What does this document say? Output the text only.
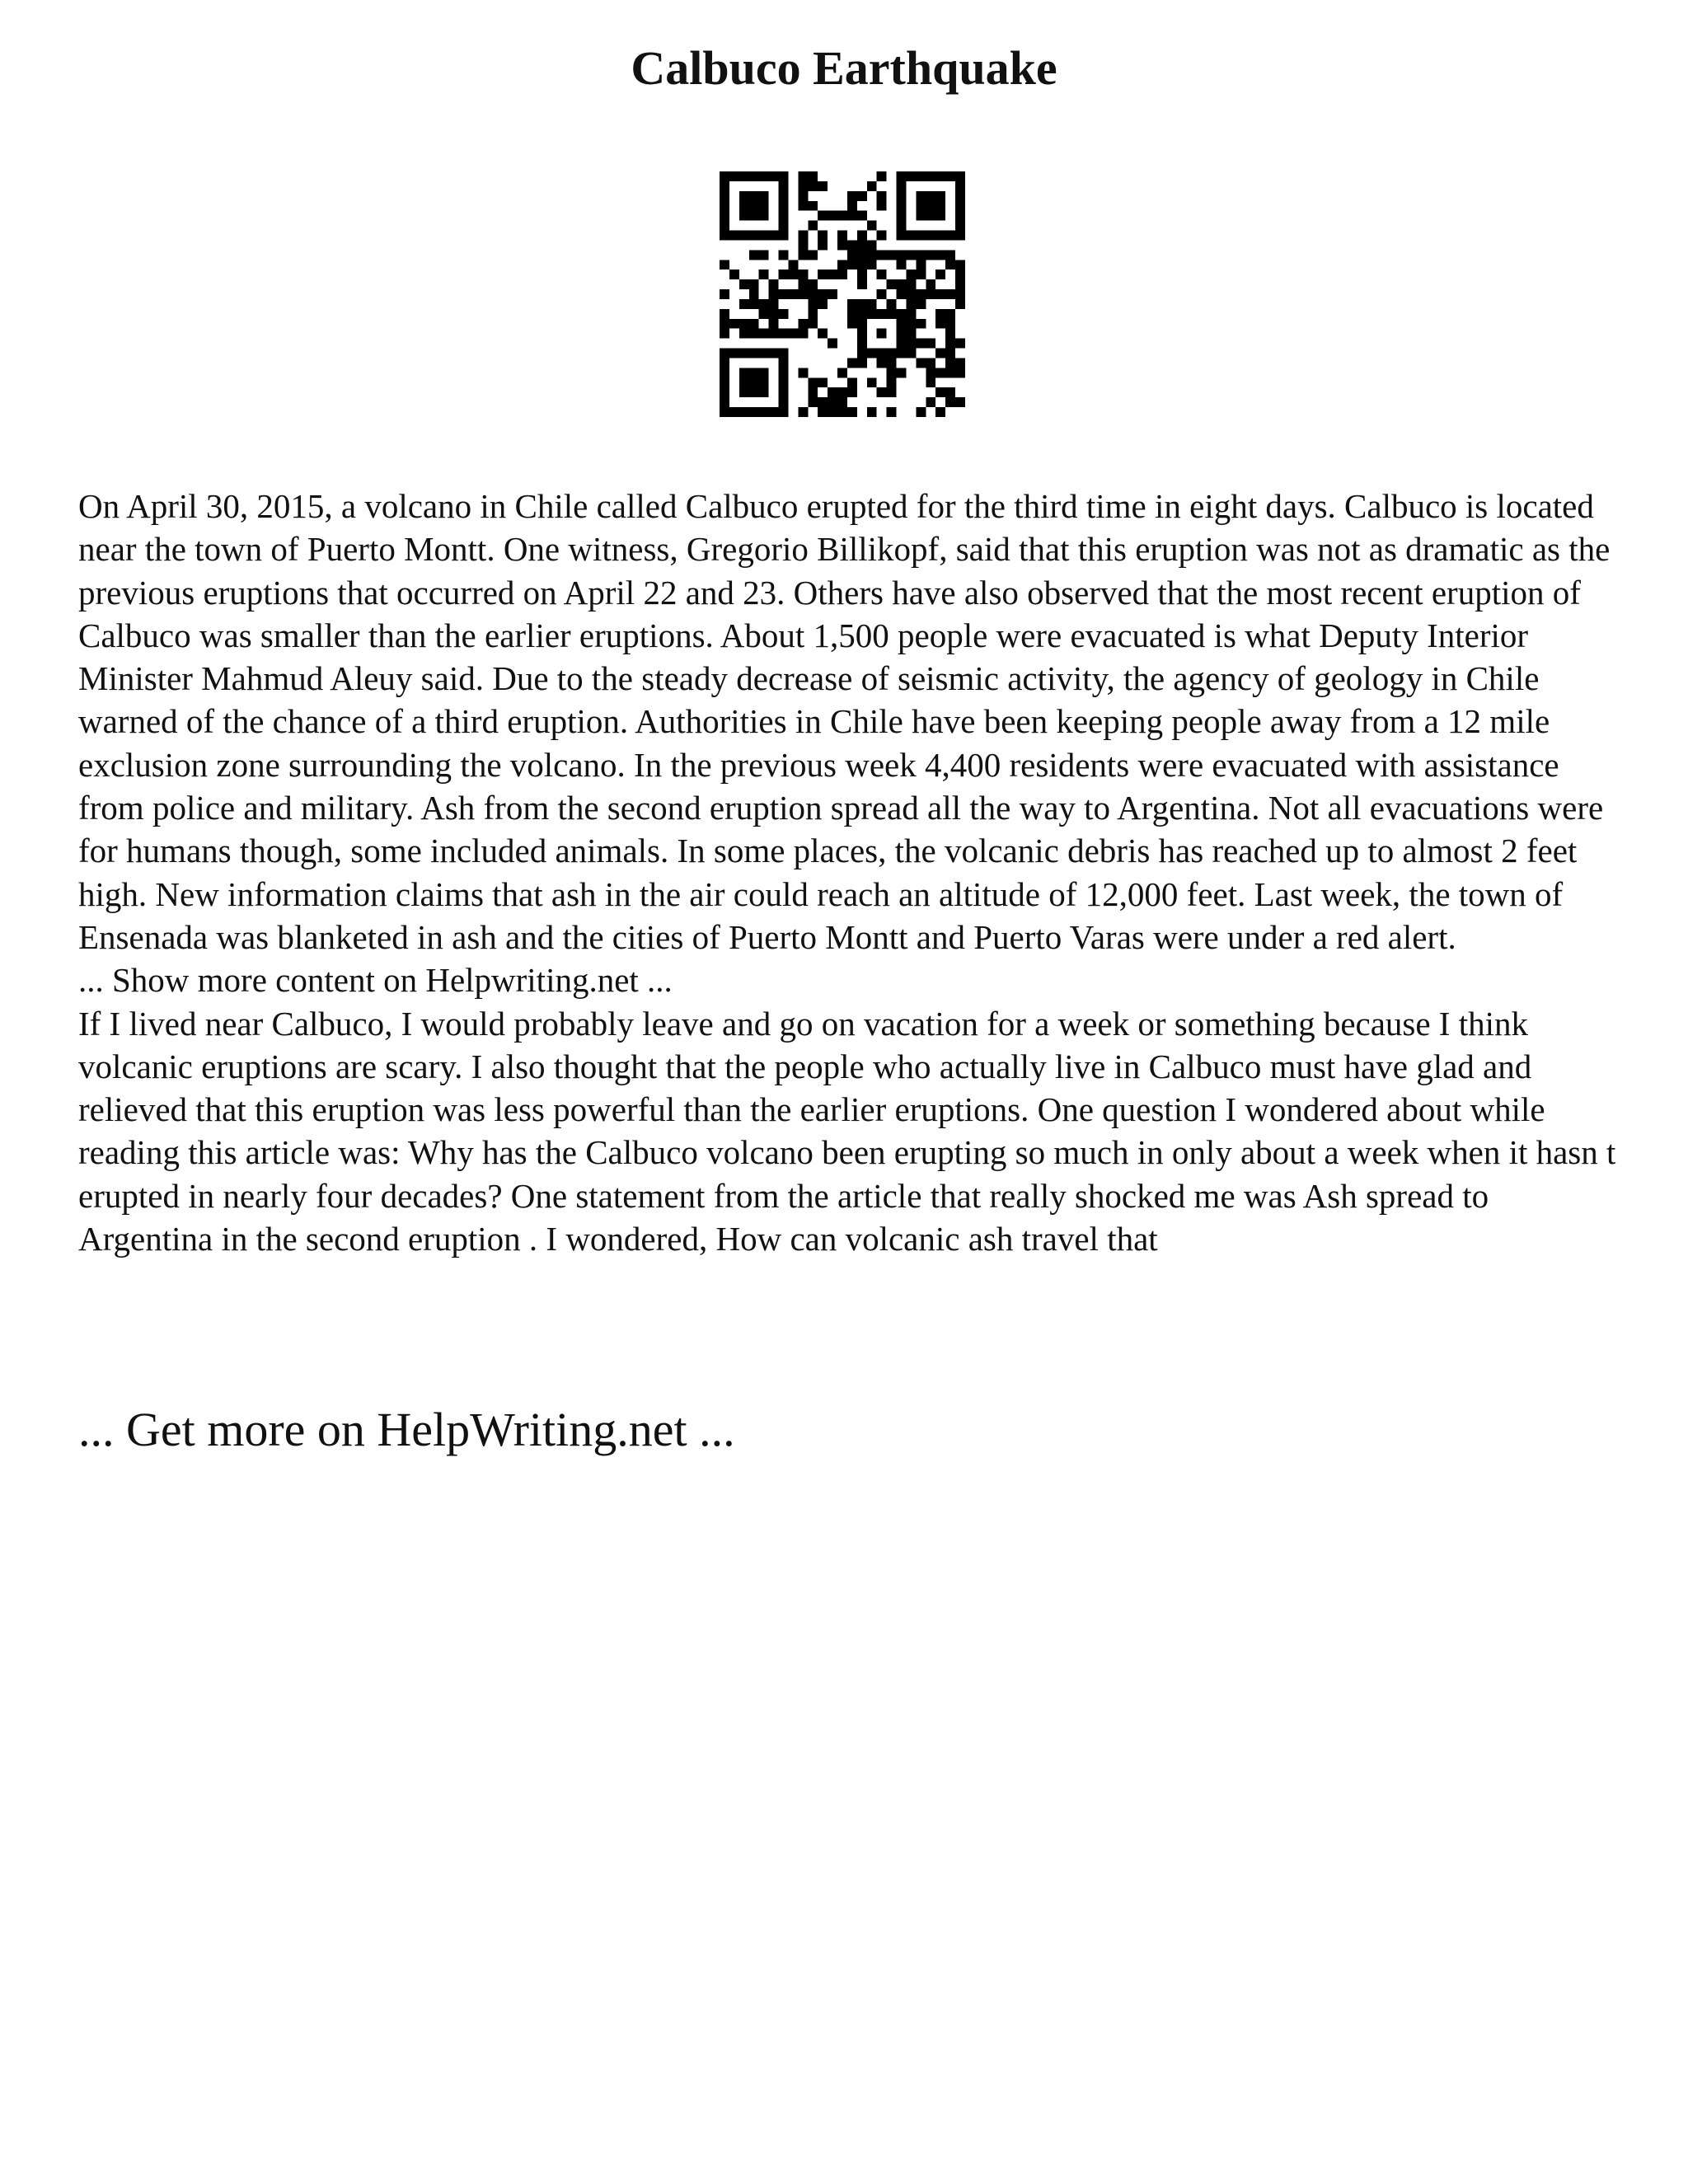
Calbuco Earthquake

On April 30, 2015, a volcano in Chile called Calbuco erupted for the third time in eight days. Calbuco is located near the town of Puerto Montt. One witness, Gregorio Billikopf, said that this eruption was not as dramatic as the previous eruptions that occurred on April 22 and 23. Others have also observed that the most recent eruption of Calbuco was smaller than the earlier eruptions. About 1,500 people were evacuated is what Deputy Interior Minister Mahmud Aleuy said. Due to the steady decrease of seismic activity, the agency of geology in Chile warned of the chance of a third eruption. Authorities in Chile have been keeping people away from a 12 mile exclusion zone surrounding the volcano. In the previous week 4,400 residents were evacuated with assistance from police and military. Ash from the second eruption spread all the way to Argentina. Not all evacuations were for humans though, some included animals. In some places, the volcanic debris has reached up to almost 2 feet high. New information claims that ash in the air could reach an altitude of 12,000 feet. Last week, the town of Ensenada was blanketed in ash and the cities of Puerto Montt and Puerto Varas were under a red alert.

... Show more content on Helpwriting.net ...

If I lived near Calbuco, I would probably leave and go on vacation for a week or something because I think volcanic eruptions are scary. I also thought that the people who actually live in Calbuco must have glad and relieved that this eruption was less powerful than the earlier eruptions. One question I wondered about while reading this article was: Why has the Calbuco volcano been erupting so much in only about a week when it hasn t erupted in nearly four decades? One statement from the article that really shocked me was Ash spread to Argentina in the second eruption . I wondered, How can volcanic ash travel that

... Get more on HelpWriting.net ...
